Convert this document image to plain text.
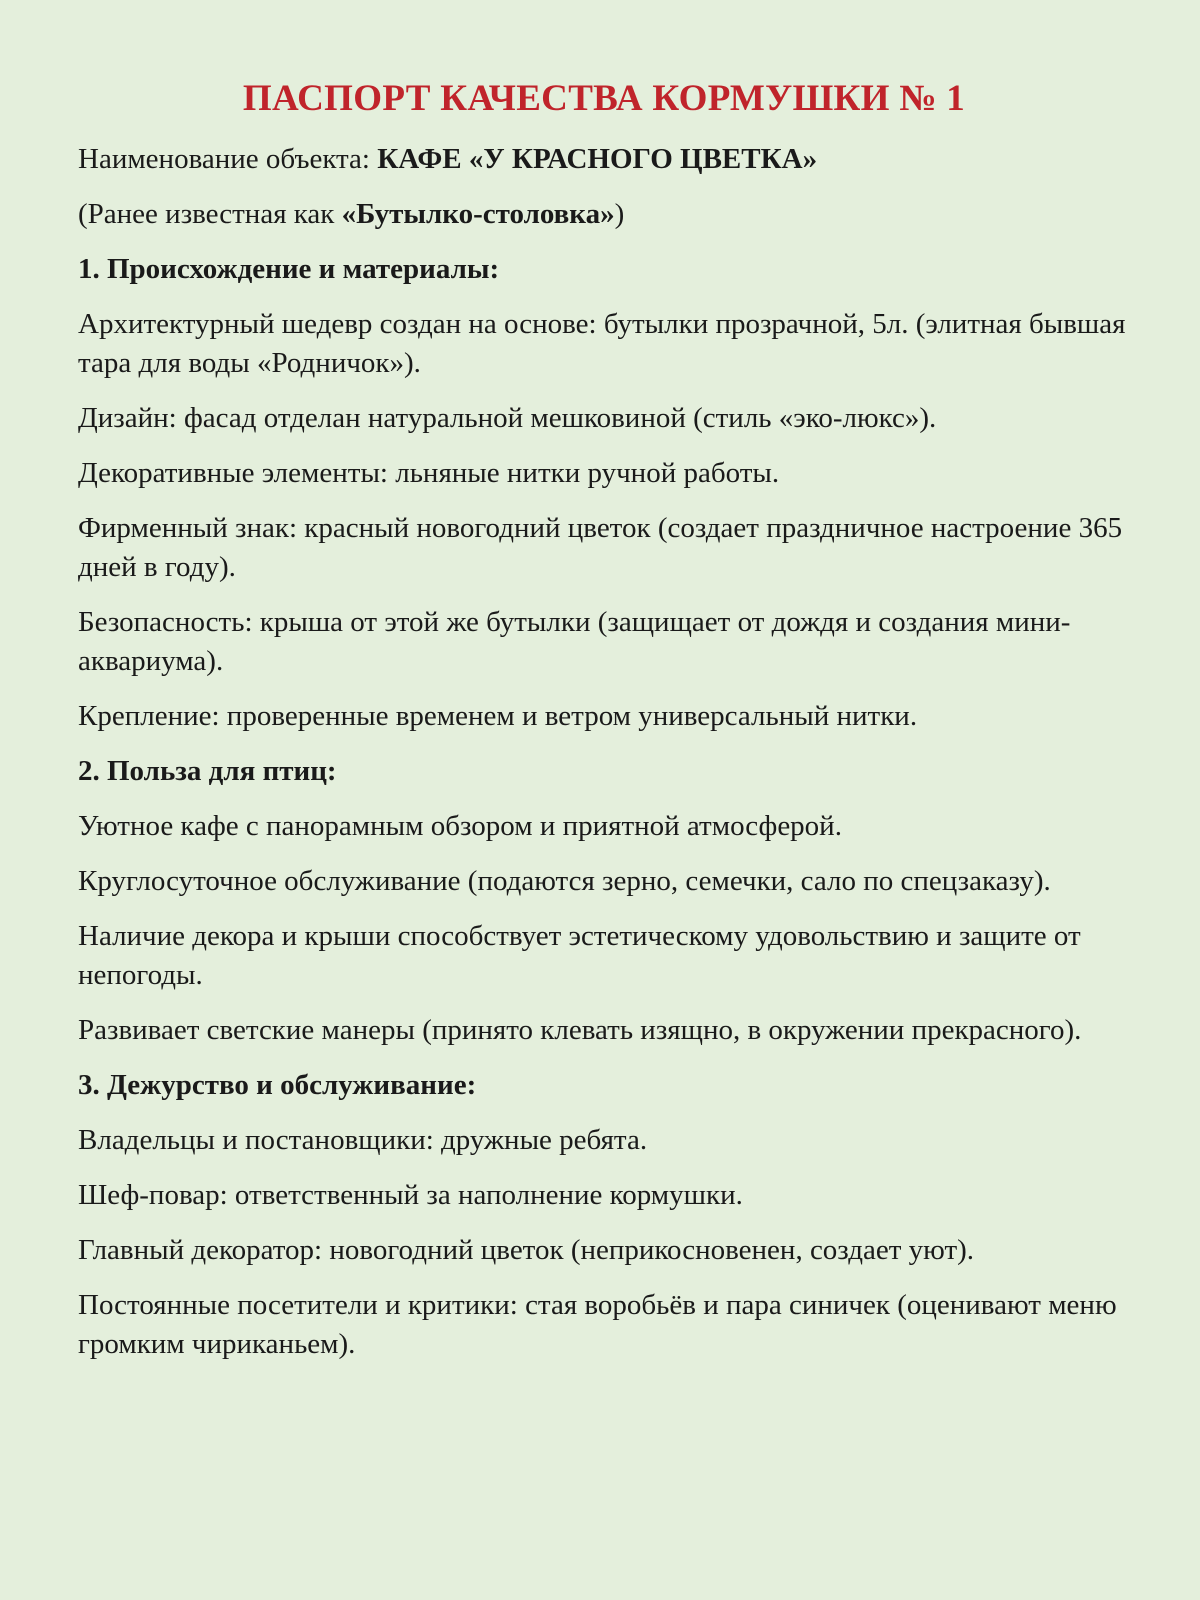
ПАСПОРТ КАЧЕСТВА КОРМУШКИ № 1

Наименование объекта: КАФЕ «У КРАСНОГО ЦВЕТКА»

(Ранее известная как «Бутылко-столовка»)

1. Происхождение и материалы:

Архитектурный шедевр создан на основе: бутылки прозрачной, 5л. (элитная бывшая тара для воды «Родничок»).

Дизайн: фасад отделан натуральной мешковиной (стиль «эко-люкс»).

Декоративные элементы: льняные нитки ручной работы.

Фирменный знак: красный новогодний цветок (создает праздничное настроение 365 дней в году).

Безопасность: крыша от этой же бутылки (защищает от дождя и создания мини-аквариума).

Крепление: проверенные временем и ветром универсальный нитки.

2. Польза для птиц:

Уютное кафе с панорамным обзором и приятной атмосферой.

Круглосуточное обслуживание (подаются зерно, семечки, сало по спецзаказу).

Наличие декора и крыши способствует эстетическому удовольствию и защите от непогоды.

Развивает светские манеры (принято клевать изящно, в окружении прекрасного).

3. Дежурство и обслуживание:

Владельцы и постановщики: дружные ребята.

Шеф-повар: ответственный за наполнение кормушки.

Главный декоратор: новогодний цветок (неприкосновенен, создает уют).

Постоянные посетители и критики: стая воробьёв и пара синичек (оценивают меню громким чириканьем).
